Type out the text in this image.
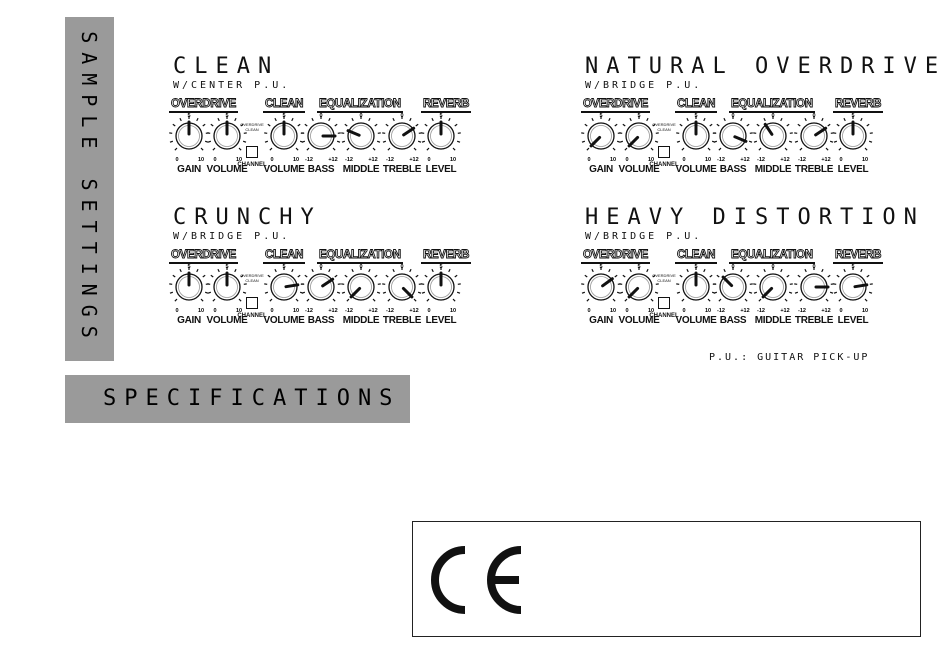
SAMPLE SETTINGS
SPECIFICATIONS
CLEAN
W/CENTER P.U.
OVERDRIVE	CLEAN EQUALIZATION REVERB
5
0	10
GAIN
5
0	10
VOLUME
5
0	10
VOLUME
0
-12	+12
BASS
0
-12	+12
MIDDLE
0
-12	+12
TREBLE
5
0	10
LEVEL
OVERDRIVE
CLEAN
CHANNEL
NATURAL OVERDRIVE
W/BRIDGE P.U.
OVERDRIVE	CLEAN EQUALIZATION REVERB
5
0	10
GAIN
5
0	10
VOLUME
5
0	10
VOLUME
0
-12	+12
BASS
0
-12	+12
MIDDLE
0
-12	+12
TREBLE
5
0	10
LEVEL
OVERDRIVE
CLEAN
CHANNEL
CRUNCHY
W/BRIDGE P.U.
OVERDRIVE	CLEAN EQUALIZATION REVERB
5
0	10
GAIN
5
0	10
VOLUME
5
0	10
VOLUME
0
-12	+12
BASS
0
-12	+12
MIDDLE
0
-12	+12
TREBLE
5
0	10
LEVEL
OVERDRIVE
CLEAN
CHANNEL
HEAVY DISTORTION
W/BRIDGE P.U.
OVERDRIVE	CLEAN EQUALIZATION REVERB
5
0	10
GAIN
5
0	10
VOLUME
5
0	10
VOLUME
0
-12	+12
BASS
0
-12	+12
MIDDLE
0
-12	+12
TREBLE
5
0	10
LEVEL
OVERDRIVE
CLEAN
CHANNEL
P.U.: GUITAR PICK-UP
